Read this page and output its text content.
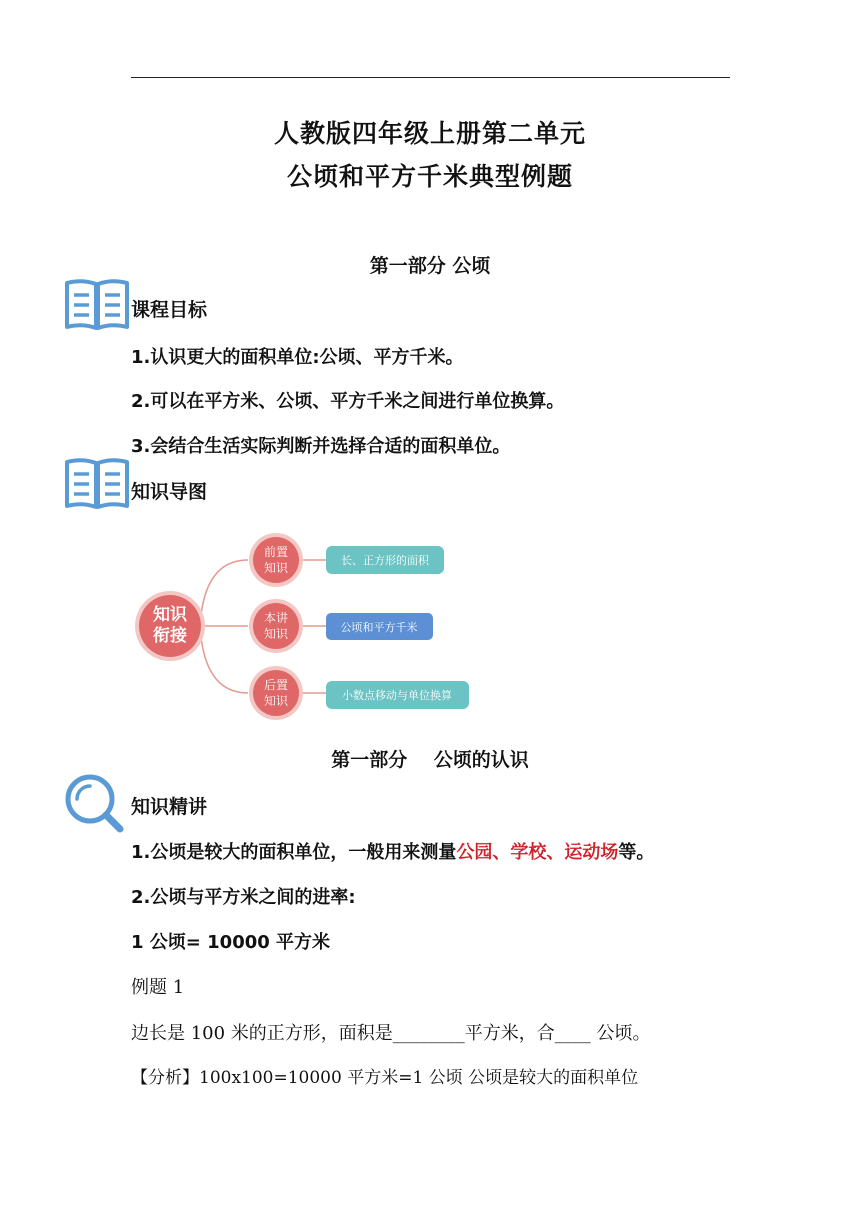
人教版四年级上册第二单元
公顷和平方千米典型例题
第一部分 公顷
课程目标
1.认识更大的面积单位:公顷、平方千米。
2.可以在平方米、公顷、平方千米之间进行单位换算。
3.会结合生活实际判断并选择合适的面积单位。
知识导图
知识
衔接
前置
知识
本讲
知识
后置
知识
长、正方形的面积
公顷和平方千米
小数点移动与单位换算
第一部分    公顷的认识
知识精讲
1.公顷是较大的面积单位，一般用来测量公园、学校、运动场等。
2.公顷与平方米之间的进率:
1 公顷= 10000 平方米
例题 1
边长是 100 米的正方形，面积是________平方米，合____ 公顷。
【分析】100x100=10000 平方米=1 公顷 公顷是较大的面积单位
